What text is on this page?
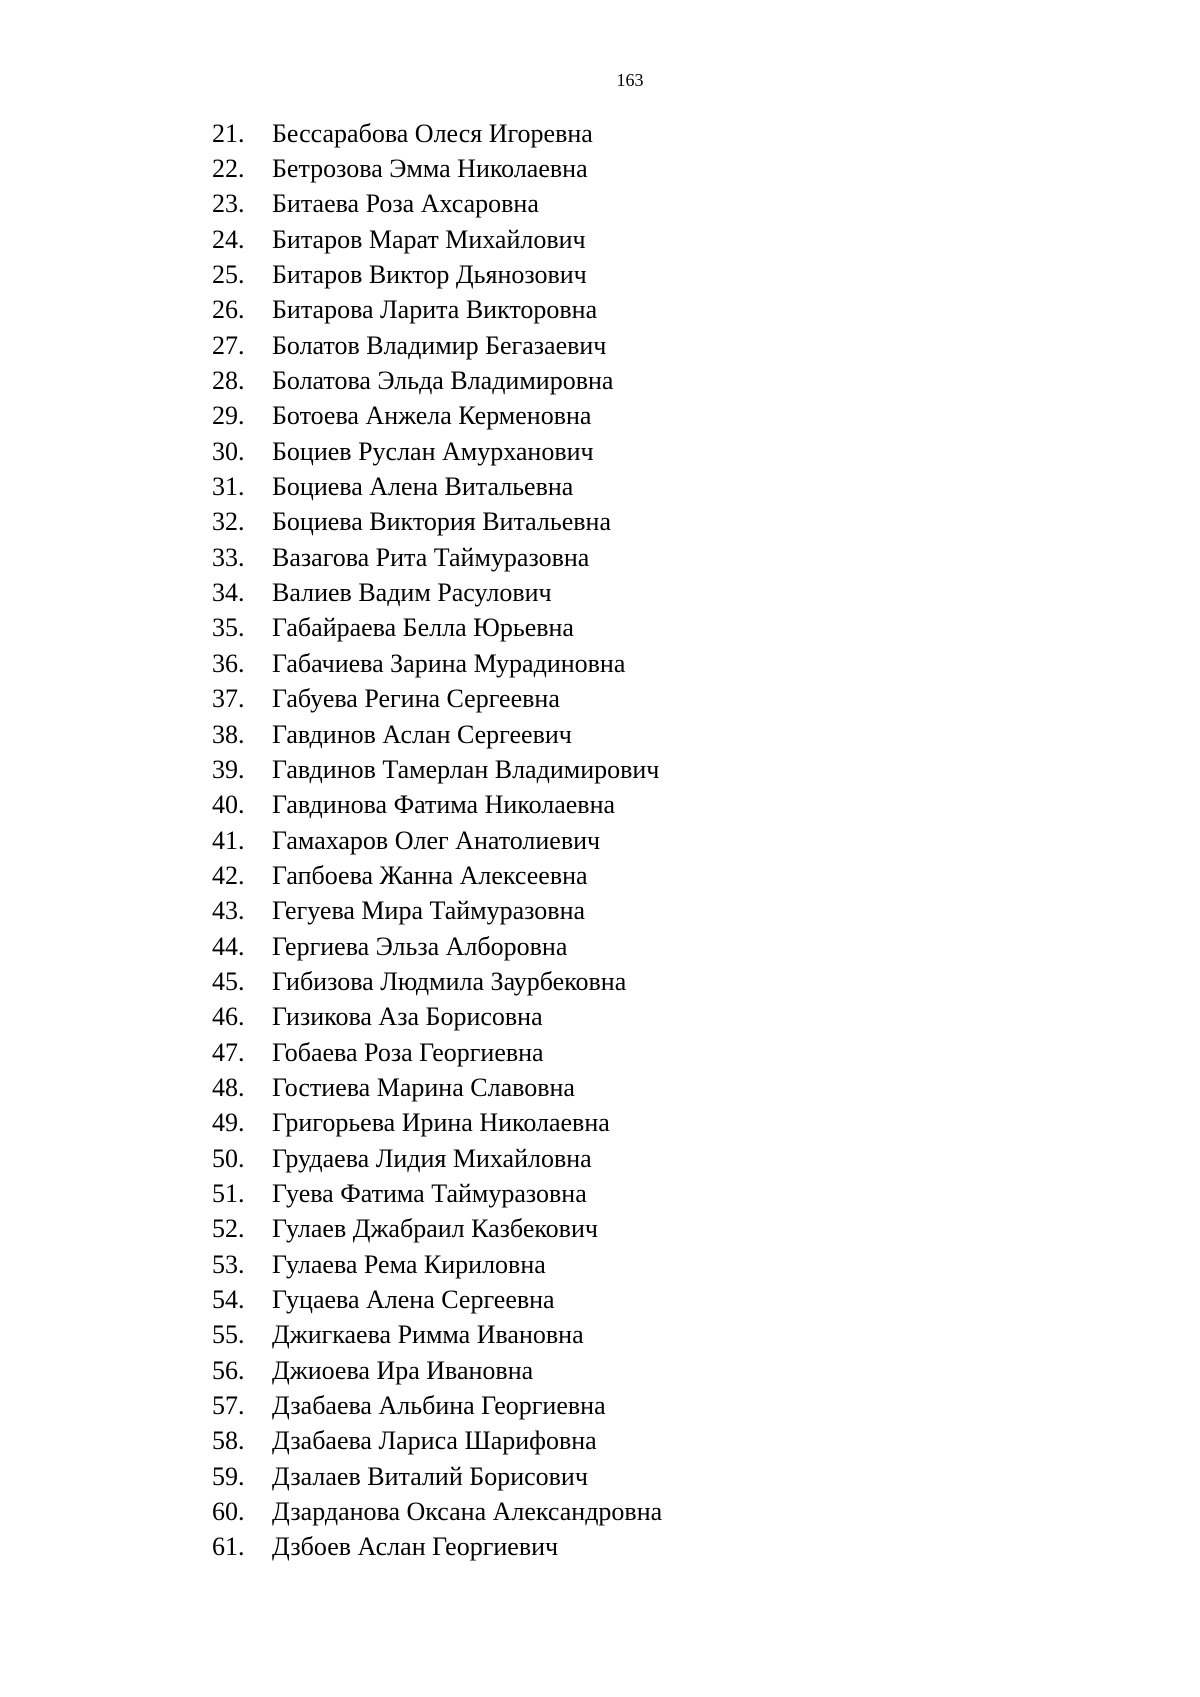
163
21.	Бессарабова Олеся Игоревна
22.	Бетрозова Эмма Николаевна
23.	Битаева Роза Ахсаровна
24.	Битаров Марат Михайлович
25.	Битаров Виктор Дьянозович
26.	Битарова Ларита Викторовна
27.	Болатов Владимир Бегазаевич
28.	Болатова Эльда Владимировна
29.	Ботоева Анжела Керменовна
30.	Боциев Руслан Амурханович
31.	Боциева Алена Витальевна
32.	Боциева Виктория Витальевна
33.	Вазагова Рита Таймуразовна
34.	Валиев Вадим Расулович
35.	Габайраева Белла Юрьевна
36.	Габачиева Зарина Мурадиновна
37.	Габуева Регина Сергеевна
38.	Гавдинов Аслан Сергеевич
39.	Гавдинов Тамерлан Владимирович
40.	Гавдинова Фатима Николаевна
41.	Гамахаров Олег Анатолиевич
42.	Гапбоева Жанна Алексеевна
43.	Гегуева Мира Таймуразовна
44.	Гергиева Эльза Алборовна
45.	Гибизова Людмила Заурбековна
46.	Гизикова Аза Борисовна
47.	Гобаева Роза Георгиевна
48.	Гостиева Марина Славовна
49.	Григорьева Ирина Николаевна
50.	Грудаева Лидия Михайловна
51.	Гуева Фатима Таймуразовна
52.	Гулаев Джабраил Казбекович
53.	Гулаева Рема Кириловна
54.	Гуцаева Алена Сергеевна
55.	Джигкаева Римма Ивановна
56.	Джиоева Ира Ивановна
57.	Дзабаева Альбина Георгиевна
58.	Дзабаева Лариса Шарифовна
59.	Дзалаев Виталий Борисович
60.	Дзарданова Оксана Александровна
61.	Дзбоев Аслан Георгиевич
